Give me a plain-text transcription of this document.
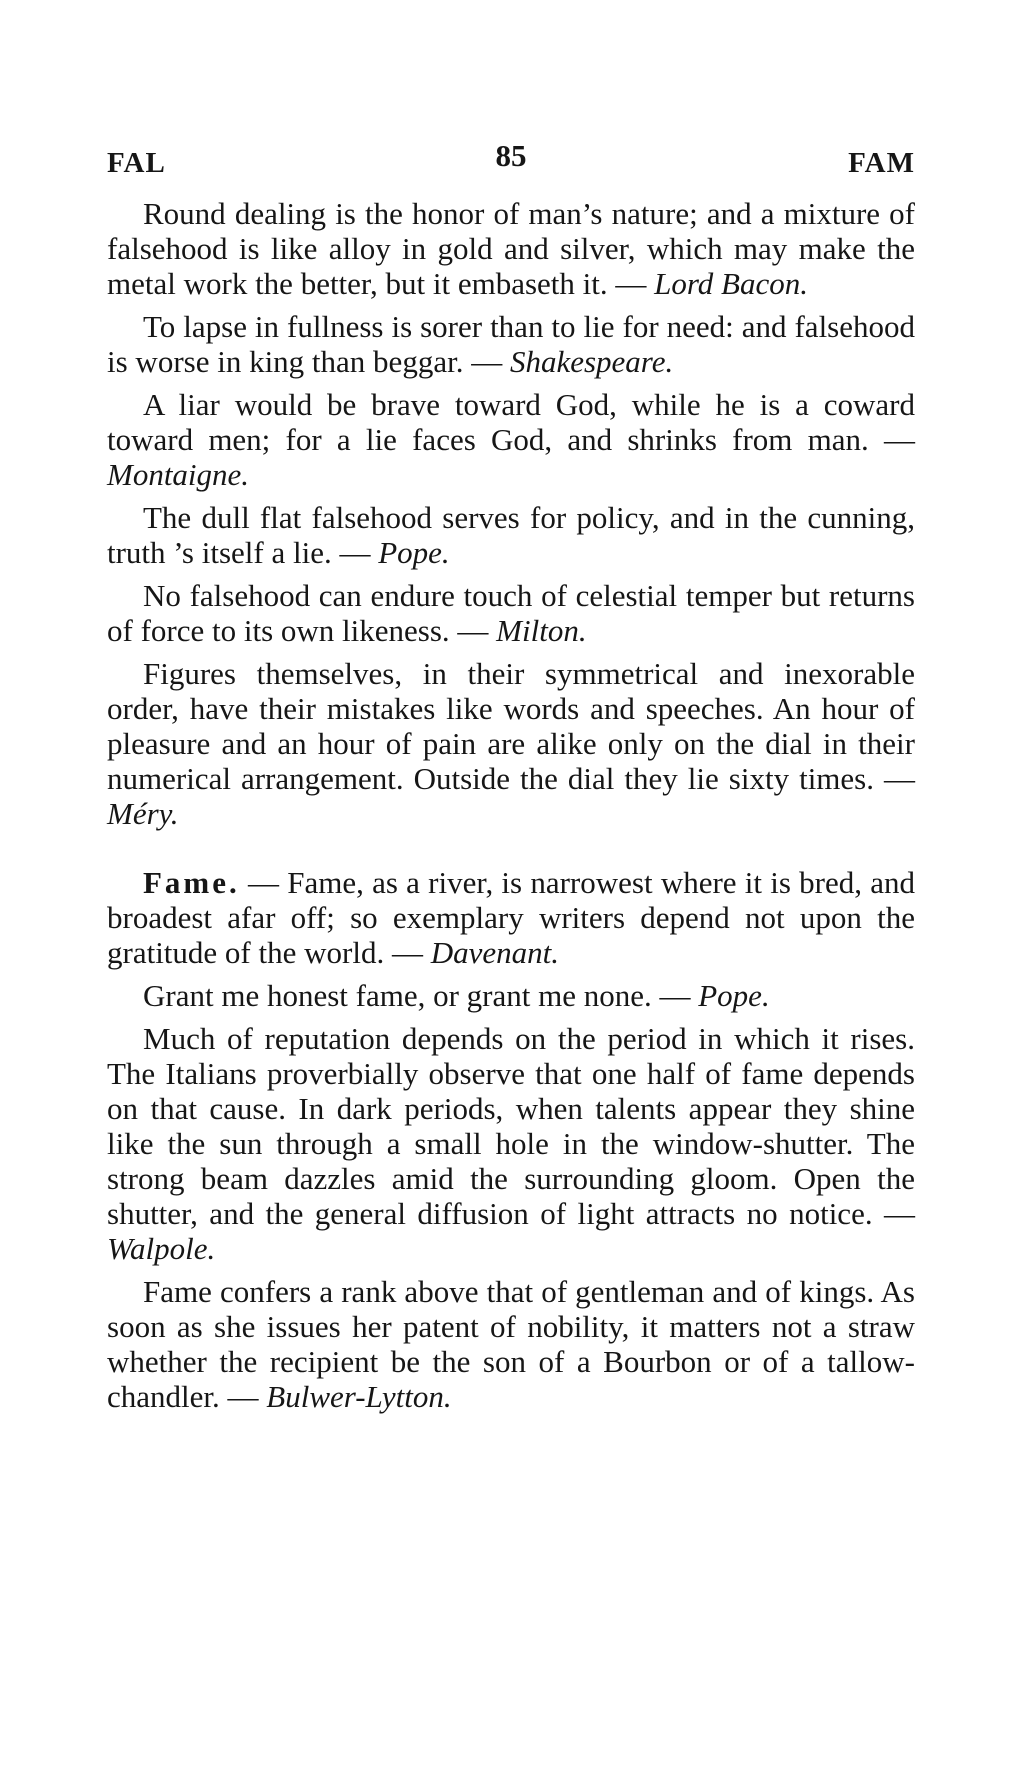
FAL	85	FAM

Round dealing is the honor of man’s nature; and a mixture of falsehood is like alloy in gold and silver, which may make the metal work the better, but it embaseth it. — Lord Bacon.

To lapse in fullness is sorer than to lie for need: and falsehood is worse in king than beggar. — Shakespeare.

A liar would be brave toward God, while he is a coward toward men; for a lie faces God, and shrinks from man. — Montaigne.

The dull flat falsehood serves for policy, and in the cunning, truth ’s itself a lie. — Pope.

No falsehood can endure touch of celestial temper but returns of force to its own likeness. — Milton.

Figures themselves, in their symmetrical and inexorable order, have their mistakes like words and speeches. An hour of pleasure and an hour of pain are alike only on the dial in their numerical arrangement. Outside the dial they lie sixty times. — Méry.

Fame. — Fame, as a river, is narrowest where it is bred, and broadest afar off; so exemplary writers depend not upon the gratitude of the world. — Davenant.

Grant me honest fame, or grant me none. — Pope.

Much of reputation depends on the period in which it rises. The Italians proverbially observe that one half of fame depends on that cause. In dark periods, when talents appear they shine like the sun through a small hole in the window-shutter. The strong beam dazzles amid the surrounding gloom. Open the shutter, and the general diffusion of light attracts no notice. — Walpole.

Fame confers a rank above that of gentleman and of kings. As soon as she issues her patent of nobility, it matters not a straw whether the recipient be the son of a Bourbon or of a tallow-chandler. — Bulwer-Lytton.
